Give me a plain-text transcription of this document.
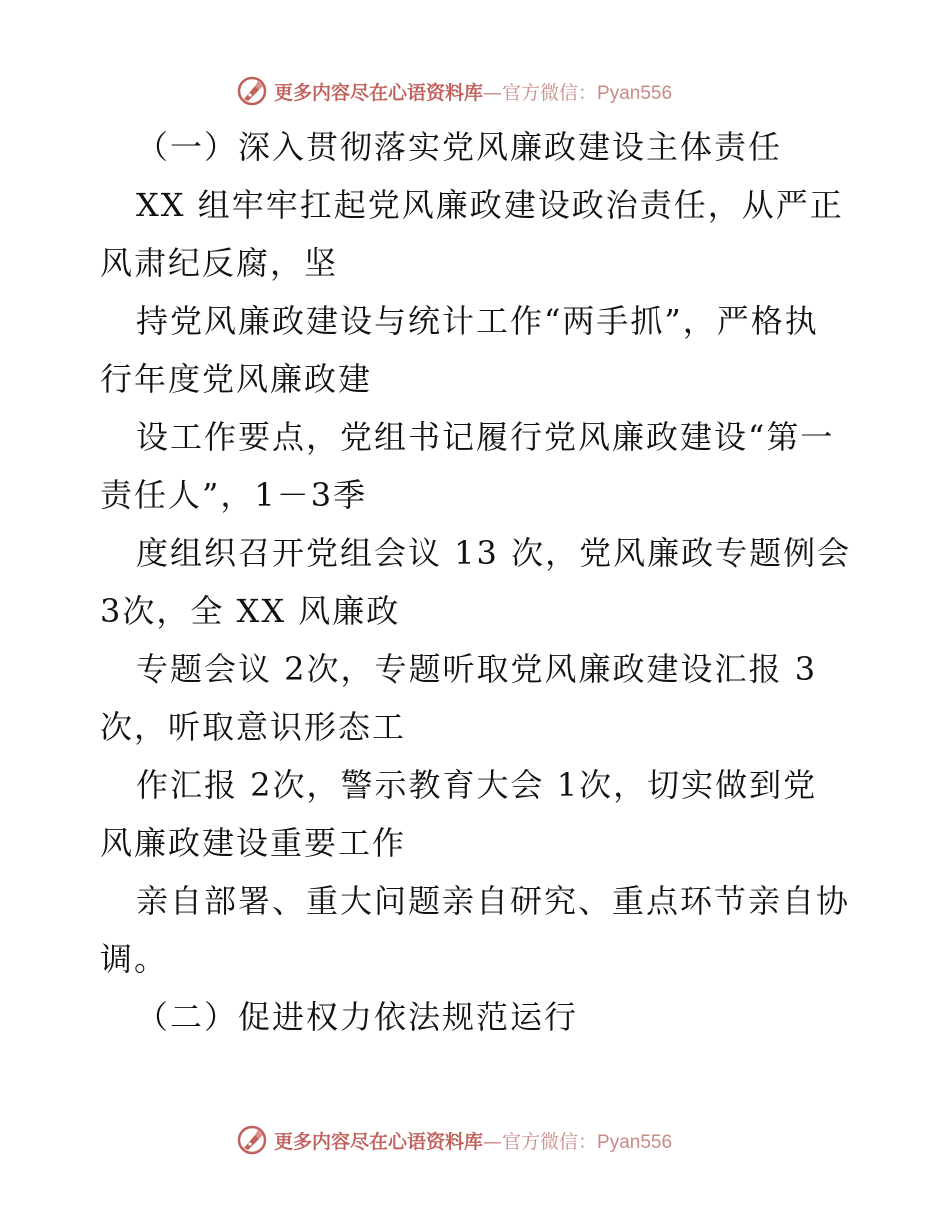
更多内容尽在心语资料库—官方微信：Pyan556
（一）深入贯彻落实党风廉政建设主体责任
XX 组牢牢扛起党风廉政建设政治责任，从严正
风肃纪反腐，坚
持党风廉政建设与统计工作“两手抓”，严格执
行年度党风廉政建
设工作要点，党组书记履行党风廉政建设“第一
责任人”，1－3季
度组织召开党组会议 13 次，党风廉政专题例会
3次，全 XX 风廉政
专题会议 2次，专题听取党风廉政建设汇报 3
次，听取意识形态工
作汇报 2次，警示教育大会 1次，切实做到党
风廉政建设重要工作
亲自部署、重大问题亲自研究、重点环节亲自协
调。
（二）促进权力依法规范运行
更多内容尽在心语资料库—官方微信：Pyan556
